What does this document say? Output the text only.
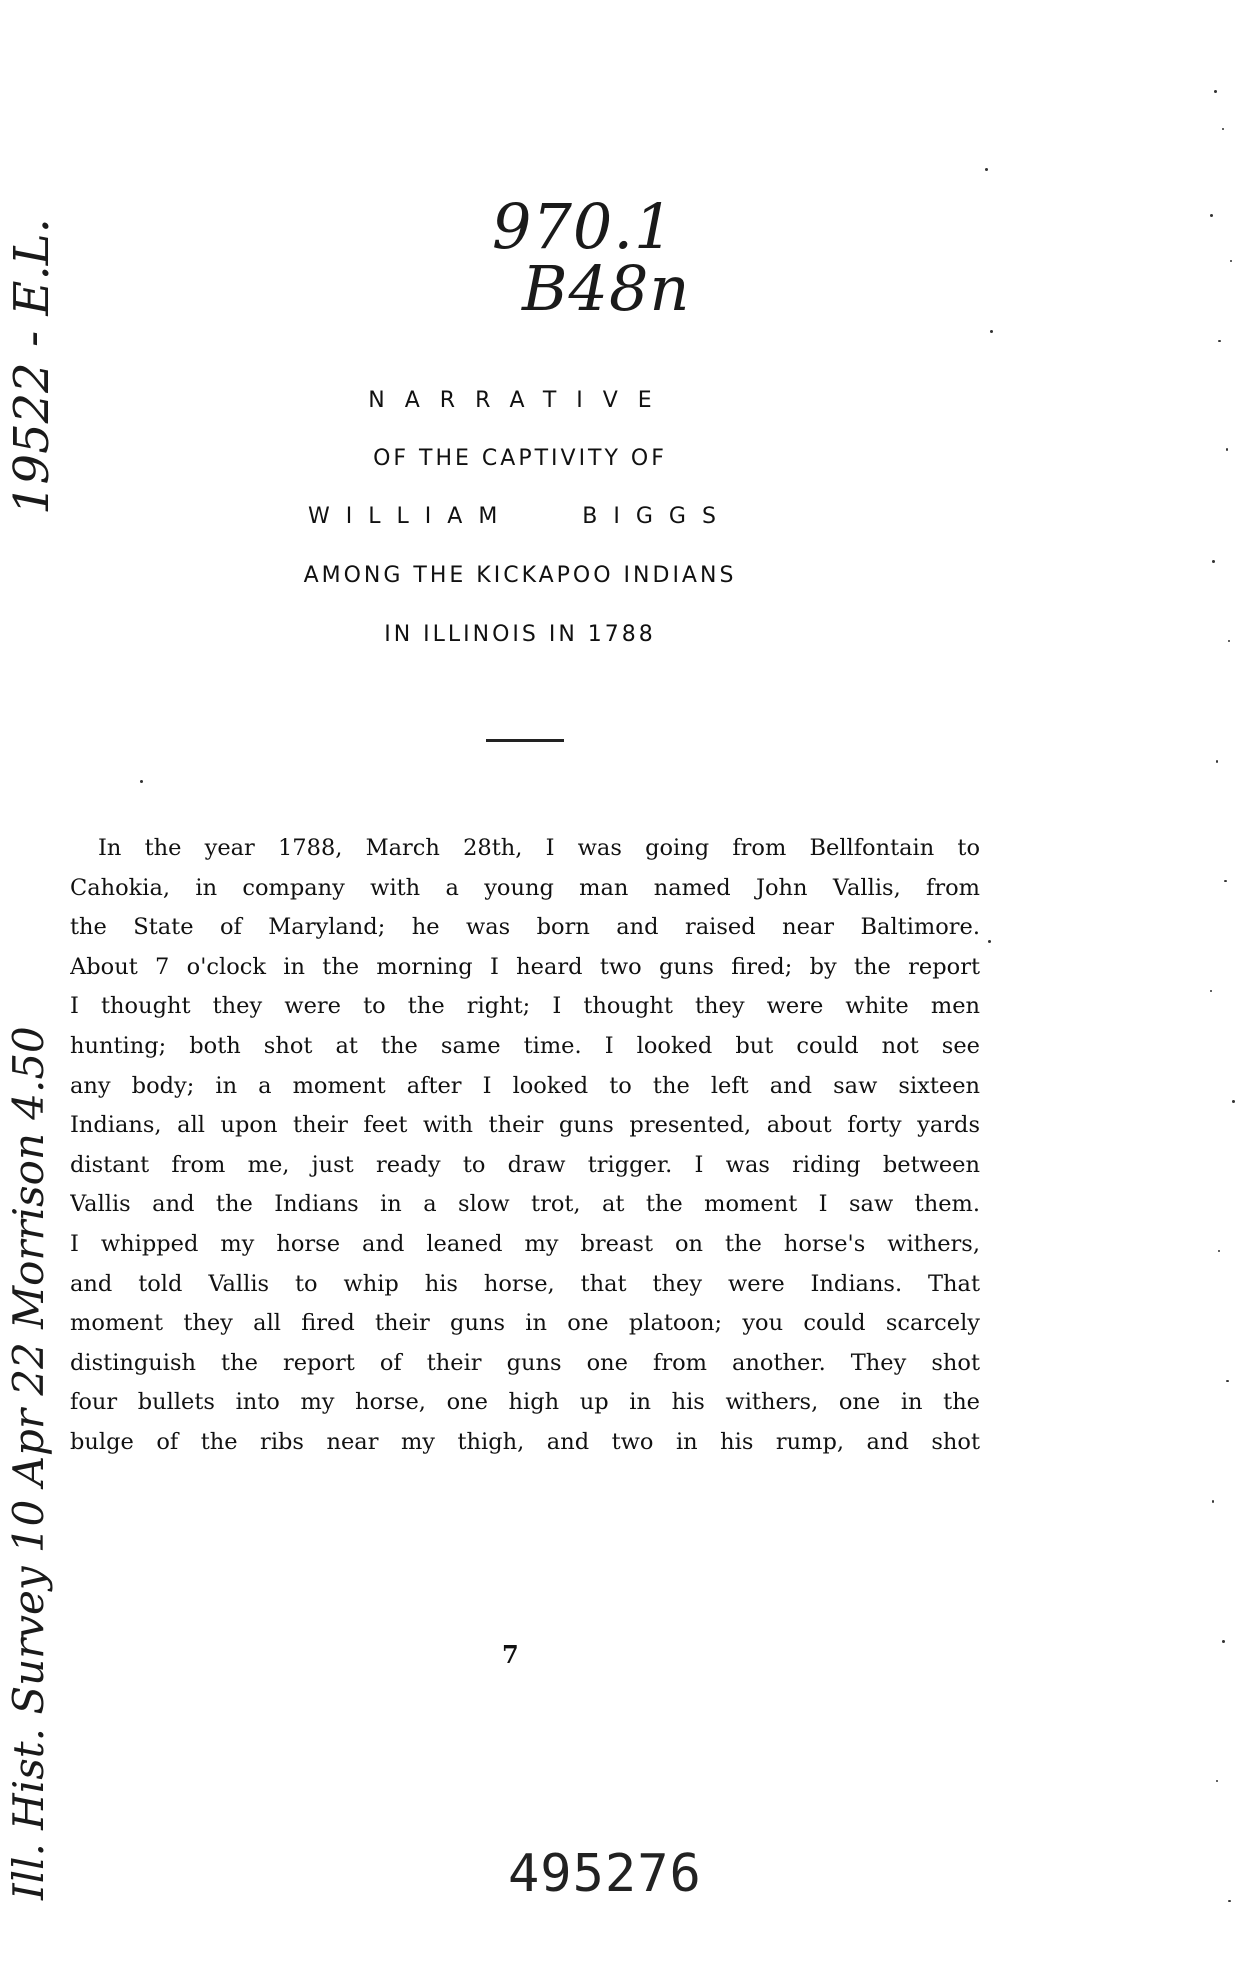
970.1
B48n
19522 - E.L.
Ill. Hist. Survey 10 Apr 22 Morrison 4.50
NARRATIVE
OF THE CAPTIVITY OF
WILLIAM   BIGGS
AMONG THE KICKAPOO INDIANS
IN ILLINOIS IN 1788
In the year 1788, March 28th, I was going from Bellfontain to
Cahokia, in company with a young man named John Vallis, from
the State of Maryland; he was born and raised near Baltimore.
About 7 o'clock in the morning I heard two guns fired; by the report
I thought they were to the right; I thought they were white men
hunting; both shot at the same time. I looked but could not see
any body; in a moment after I looked to the left and saw sixteen
Indians, all upon their feet with their guns presented, about forty yards
distant from me, just ready to draw trigger. I was riding between
Vallis and the Indians in a slow trot, at the moment I saw them.
I whipped my horse and leaned my breast on the horse's withers,
and told Vallis to whip his horse, that they were Indians. That
moment they all fired their guns in one platoon; you could scarcely
distinguish the report of their guns one from another. They shot
four bullets into my horse, one high up in his withers, one in the
bulge of the ribs near my thigh, and two in his rump, and shot
7
495276
